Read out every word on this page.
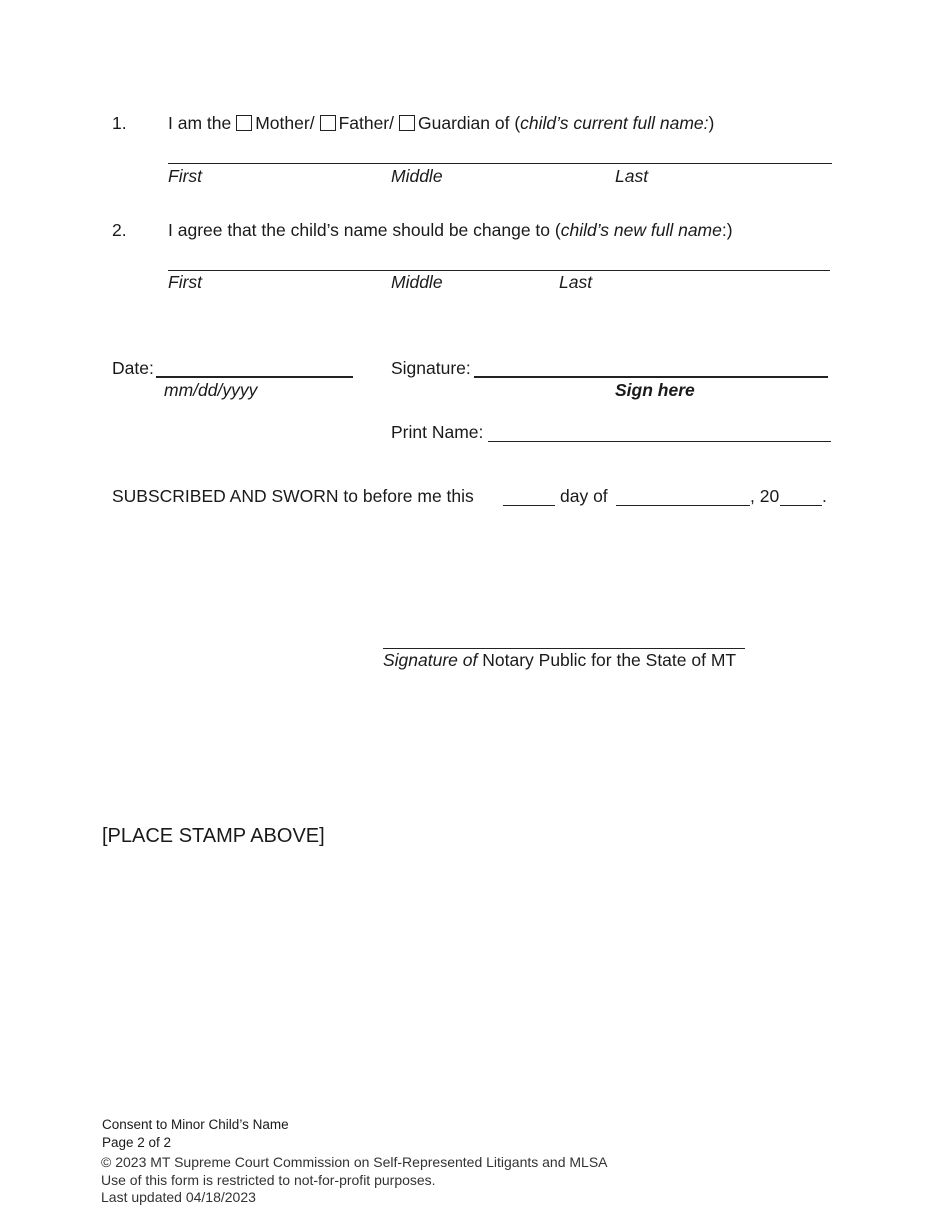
1. I am the Mother/ Father/ Guardian of (child’s current full name:)
First	Middle	Last
2. I agree that the child’s name should be change to (child’s new full name:)
First	Middle	Last
Date:
mm/dd/yyyy
Signature:
Sign here
Print Name:
SUBSCRIBED AND SWORN to before me this	day of	, 20 .
Signature of Notary Public for the State of MT
[PLACE STAMP ABOVE]
Consent to Minor Child’s Name
Page 2 of 2
© 2023 MT Supreme Court Commission on Self-Represented Litigants and MLSA
Use of this form is restricted to not-for-profit purposes.
Last updated 04/18/2023
